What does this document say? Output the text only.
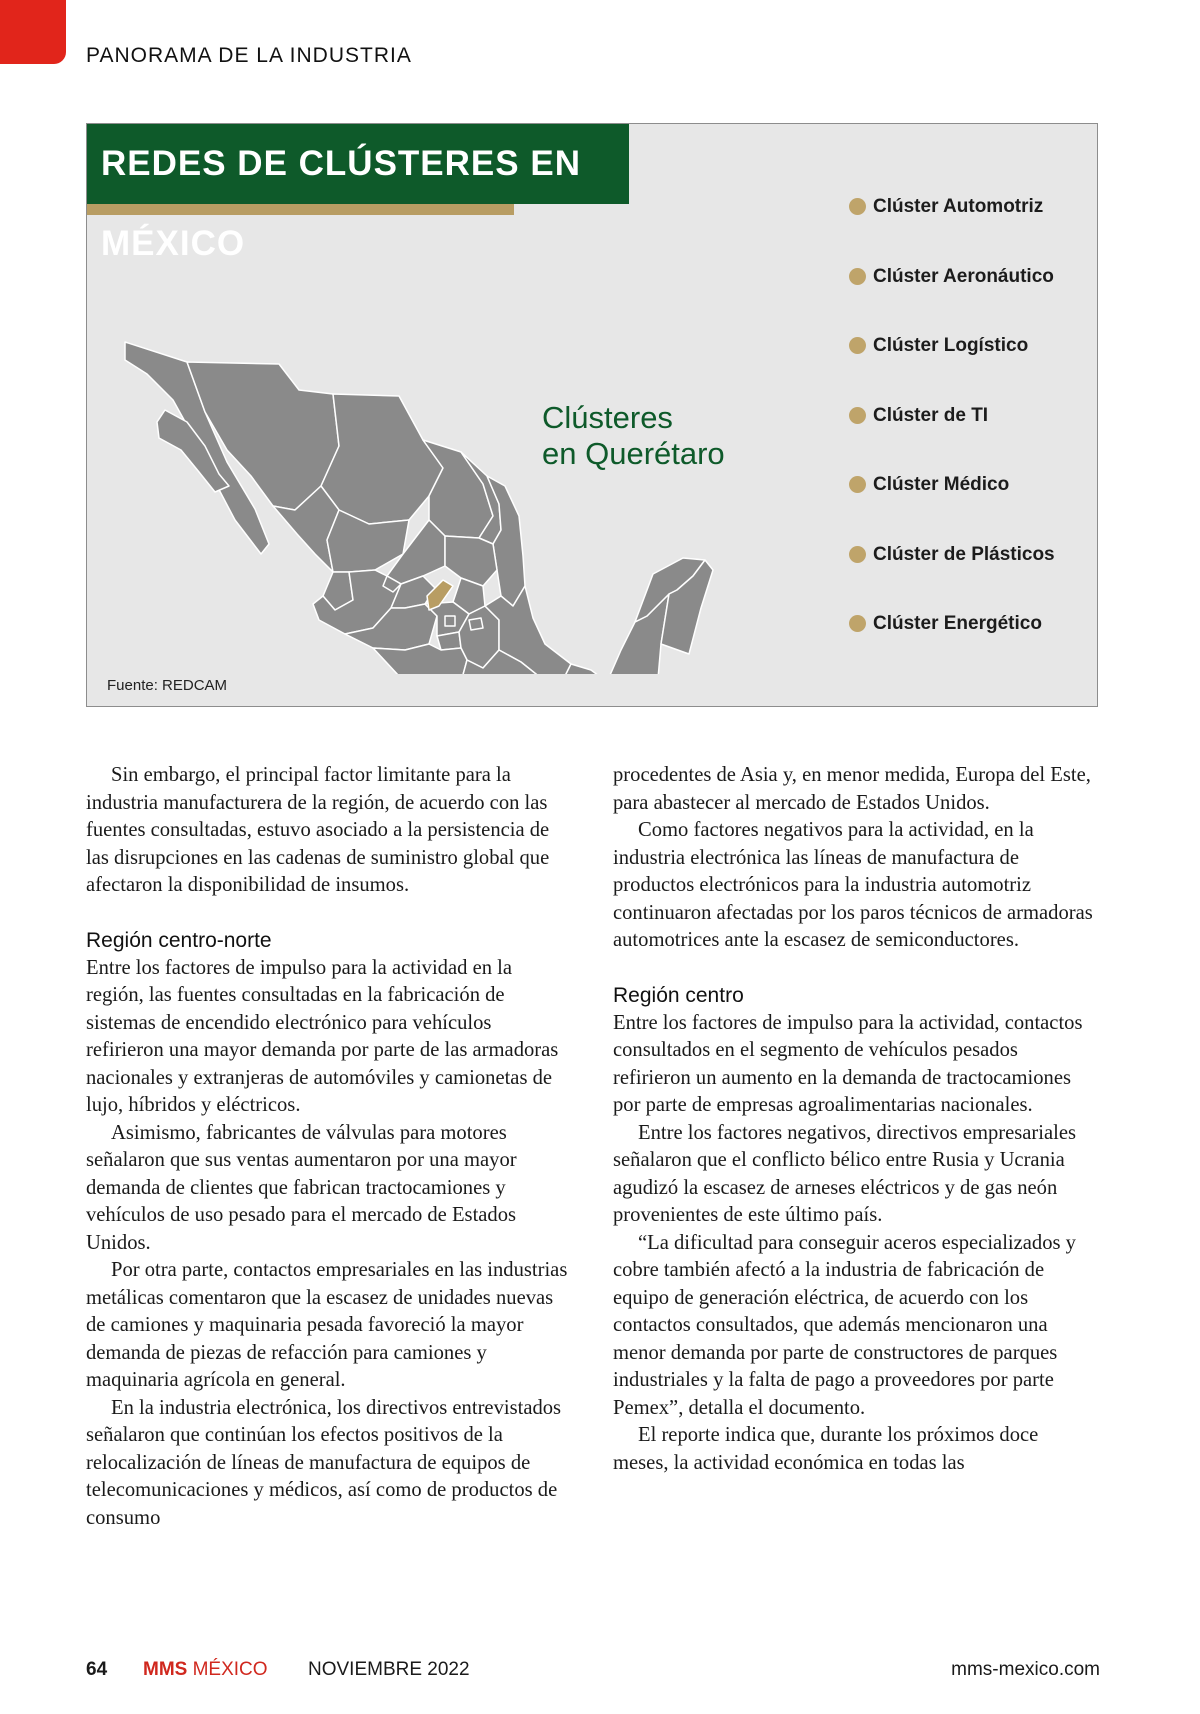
PANORAMA DE LA INDUSTRIA
REDES DE CLÚSTERES EN MÉXICO
Clústeres
en Querétaro
Clúster Automotriz
Clúster Aeronáutico
Clúster Logístico
Clúster de TI
Clúster Médico
Clúster de Plásticos
Clúster Energético
Fuente: REDCAM

Sin embargo, el principal factor limitante para la industria manufacturera de la región, de acuerdo con las fuentes consultadas, estuvo asociado a la persistencia de las disrupciones en las cadenas de suministro global que afectaron la disponibilidad de insumos.

Región centro-norte

Entre los factores de impulso para la actividad en la región, las fuentes consultadas en la fabricación de sistemas de encendido electrónico para vehículos refirieron una mayor demanda por parte de las armadoras nacionales y extranjeras de automóviles y camionetas de lujo, híbridos y eléctricos.

Asimismo, fabricantes de válvulas para motores señalaron que sus ventas aumentaron por una mayor demanda de clientes que fabrican tractocamiones y vehículos de uso pesado para el mercado de Estados Unidos.

Por otra parte, contactos empresariales en las industrias metálicas comentaron que la escasez de unidades nuevas de camiones y maquinaria pesada favoreció la mayor demanda de piezas de refacción para camiones y maquinaria agrícola en general.

En la industria electrónica, los directivos entrevistados señalaron que continúan los efectos positivos de la relocalización de líneas de manufactura de equipos de telecomunicaciones y médicos, así como de productos de consumo

procedentes de Asia y, en menor medida, Europa del Este, para abastecer al mercado de Estados Unidos.

Como factores negativos para la actividad, en la industria electrónica las líneas de manufactura de productos electrónicos para la industria automotriz continuaron afectadas por los paros técnicos de armadoras automotrices ante la escasez de semiconductores.

Región centro

Entre los factores de impulso para la actividad, contactos consultados en el segmento de vehículos pesados refirieron un aumento en la demanda de tractocamiones por parte de empresas agroalimentarias nacionales.

Entre los factores negativos, directivos empresariales señalaron que el conflicto bélico entre Rusia y Ucrania agudizó la escasez de arneses eléctricos y de gas neón provenientes de este último país.

“La dificultad para conseguir aceros especializados y cobre también afectó a la industria de fabricación de equipo de generación eléctrica, de acuerdo con los contactos consultados, que además mencionaron una menor demanda por parte de constructores de parques industriales y la falta de pago a proveedores por parte Pemex”, detalla el documento.

El reporte indica que, durante los próximos doce meses, la actividad económica en todas las

64 MMS MÉXICO NOVIEMBRE 2022	mms-mexico.com
